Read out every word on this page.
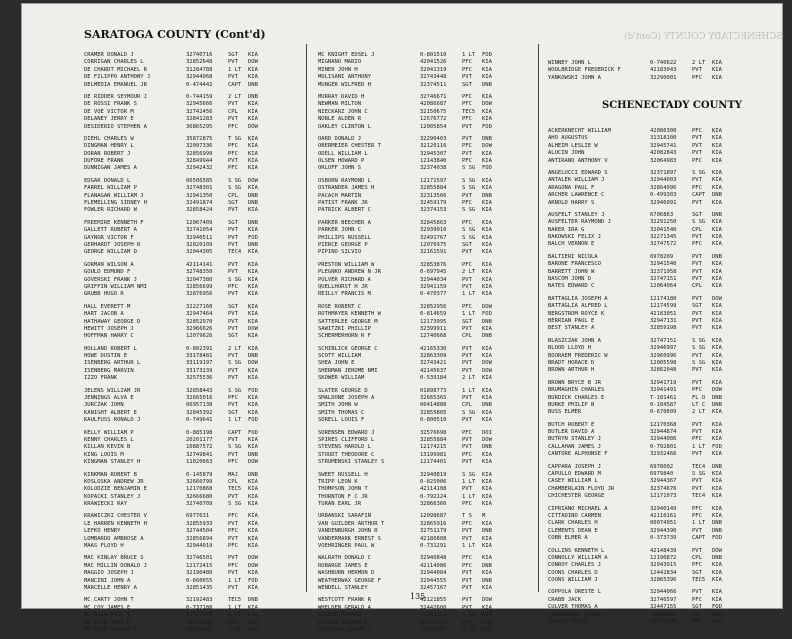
SARATOGA COUNTY (Cont'd)	SCHENECTADY COUNTY (Cont'd)
SCHENECTADY COUNTY
CRAMER DONALD J	32740716	SGT	KIA
CORRIGAN CHARLES L	32852648	PVT	DOW
DE CHARDT MICHAEL R	31284788	1 LT	KIA
DE FILIPPO ANTHONY J	32944068	PVT	KIA
DELMEDIA EMANUEL JR	0-474442	CAPT	DNB
DE RIDDER SEYMOUR J	0-744159	2 LT	DNB
DE ROSSI FRANK S	32945666	PVT	KIA
DE VOE VICTOR M	32742456	CPL	KIA
DELANEY JERRY E	32841283	PVT	KIA
DESIDERIO STEPHEN A	36865295	PFC	DOW
DIEHL CHARLES W	35872875	T SG	KIA
DINGMAN HENRY L	32097336	PFC	KIA
DORAN ROBERT J	32856999	PFC	KIA
DUFORE FRANK	32849944	PVT	KIA
DUNNIGAN JAMES A	32942432	PFC	KIA
EDGAR DONALD L	06506585	S SG	DOW
FARREL WILLIAM P	32748301	S SG	KIA
FLANAGAN WILLIAM J	32941350	CPL	DNB
FLEMELLING SIDNEY H	32491874	SGT	DNB
FOWLER RICHARD W	32858424	PVT	KIA
FREEMIRE KENNETH F	12067409	SGT	DNB
GALLETT ROBERT A	32741054	PVT	KIA
GAYNOR VICTOR F	32940511	PVT	FOD
GERHARDT JOSEPH R	32020109	PVT	DNB
GEORGE WILLIAM D	32044305	TEC4	KIA
GORMAN WILSON A	42114141	PVT	KIA
GOULD EDMUND F	32748350	PVT	KIA
GOVERSKI FRANK J	32047380	S SG	KIA
GRIFFIN WILLIAM NMI	32856699	PFC	KIA
GRUBB HUGO R	32876956	PVT	KIA
HALL EVERETT M	32227160	SGT	KIA
HART JACOB A	32947464	PVT	KIA
HATHAWAY GEORGE D	32852970	PVT	KIA
HEWITT JOSEPH J	32966626	PVT	DOW
HOFFMAN HARRY C	12079626	SGT	KIA
HOLLAND ROBERT L	0-802391	2 LT	KIA
HOWE DUSTIN E	33178481	PVT	DNB
ISENBERG ARTHUR L	33119197	S SG	DOW
ISENBERG MARVIN	33173139	PVT	KIA
IZZO FRANK	32575536	PVT	KIA
JELENS WILLIAM JR	32858443	S SG	FOD
JENNINGS ALVA E	32665016	PFC	KIA
JURCZAK JOHN	06957138	PVT	KIA
KANIGHT ALBERT E	32845392	SGT	KIA
KAULFUSS RONALD J	0-749641	1 LT	FOD
KELLY WILLIAM P	0-885198	CAPT	FOD
KENNY CHARLES L	20201177	PVT	KIA
KILLAN KEVIN B	10887572	S SG	KIA
KING LOUIS M	32749841	PVT	DNB
KINGMAN STANLEY H	11020663	PFC	DOW
KIRKMAN ROBERT B	0-145879	MAJ	DNB
KOSLOSKA ANDREW JR	32660799	CPL	KIA
KOLODZIE BENJAMIN E	12170868	TEC5	KIA
KOPACKI STANLEY J	32666680	PVT	KIA
KRAWIECKI RAY	32740709	S SG	KIA
KRAWICZKI CHESTER V	6977631	PFC	KIA
LE HARREN KENNETH H	32855933	PVT	KIA
LEFKO HENRY	32744504	PFC	KIA
LOMBARDO AMBROSE A	32856894	PVT	KIA
MAAS FLOYD H	32944019	PFC	KIA
MAC KINLAY BRUCE S	32746501	PVT	DOW
MAC MILLIN DONALD J	12172415	PFC	DOW
MAGGIO JOSEPH J	32190480	PVT	KIA
MANCINI JOHN A	0-660655	1 LT	FOD
MARCELLE HENRY A	32851435	PVT	KIA
MC CARTY JOHN T	32192483	TEC5	DNB
MC COY JAMES E	0-737188	1 LT	KIA
MC GHAN PAUL V	31317098	1 LT	KIA
MC GIRR JOHN H	12074628	PFC	KIA
MC KEON THOMAS F	32023901	S SG	KIA
MC KNIGHT EDSEL J	0-801510	1 LT	FOD
MIGNANO MARIO	42041526	PFC	KIA
MINER JOHN H	32041319	PFC	KIA
MOLISANI ANTHONY	32743448	PVT	KIA
MUNGER WILFRED H	32374511	SGT	DNB
MURRAY DAVID H	32746671	PFC	KIA
NEWMAN MILTON	42086687	PFC	DOW
NIECKARZ JOHN C	32150675	TEC5	KIA
NOBLE ALDEN R	12576772	PFC	KIA
OAKLEY CLINTON L	12005854	PVT	FOD
OARD DONALD J	32290403	PVT	DNB
OBERMEIER CHESTER T	32120116	PFC	DOW
ODELL WILLIAM L	32945307	PVT	KIA
OLSEN HOWARD P	12143840	PFC	KIA
ORLOFF JOHN S	32374038	S SG	FOD
OSBORN RAYMOND L	12171597	S SG	KIA
OSTRANDER JAMES H	32855884	S SG	KIA
PACACH MARTIN	32313566	PVT	DNB
PATIST FRANK JR	32459179	PFC	KIA
PATRICK ALBERT C	32374153	S SG	KIA
PARKER BEECHER A	32845863	PFC	KIA
PARKER JOHN C	32939010	S SG	KIA
PHILLIPS RUSSELL	32491767	S SG	KIA
PIERCE GEORGE P	12076975	SGT	KIA
PIPINO SILVIO	32161591	PVT	KIA
PRESTON WILLIAM W	32853876	PFC	KIA
PLEGNKO ANDREW N JR	0-697945	2 LT	KIA
PULVER RICHARD A	32944034	PVT	KIA
QUELLHORST H JR	32941159	PVT	KIA
REILLY FRANCIS M	0-470377	1 LT	KIA
ROSE ROBERT C	32852956	PFC	DOW
ROTHMAYER KENNETH W	0-814659	1 LT	FOD
SATTERLEE GEORGE M	12173995	SGT	DNB
SAWITZKI PHILLIP	32399911	PVT	KIA
SCHERMERHORN R F	12740668	CPL	DNB
SCHIBLICK GEORGE C	42165330	PVT	KIA
SCOTT WILLIAM	32863309	PVT	KIA
SHEA JOHN E	32743421	PVT	DOW
SHERMAN JEROME NMI	42145637	PVT	DOW
SKOWER WILLIAM	0-539184	2 LT	KIA
SLATER GEORGE D	01898773	1 LT	KIA
SMALDONE JOSEPH A	32665365	PVT	KIA
SMITH JOHN W	00414888	CPL	DNB
SMITH THOMAS C	32855805	S SG	KIA
SORELL LOUIS F	0-800510	PVT	KIA
SORENSEN EDWARD J	32576698	PFC	DOI
SPIRES CLIFFORD L	32855884	PVT	DOW
STEVENS HAROLD L	12174215	PVT	DNB
STOUDT THEODORE C	13199981	PFC	KIA
STRUMENSKI STANLEY S	12174401	PVT	KIA
SWEET RUSSELL H	32940819	S SG	KIA
TRIPP LEON K	0-825006	1 LT	KIA
THOMPSON JOHN T	42114108	PVT	KIA
THORNTON F C JR	0-792124	1 LT	KIA
TURAN EARL JR	32866360	PFC	KIA
URBANSKI SARAFIN	12098687	T S	M
VAN GUILDER ARTHUR T	32865916	PFC	KIA
VANDENBURGH JOHN R	32751179	PVT	DNB
VANDERMARK ERNEST S	42186808	PVT	KIA
VOEHRINGER PAUL W	0-731291	1 LT	KIA
WALRATH DONALD C	32940848	PFC	KIA
ROBARGE JAMES E	42114086	PFC	DNB
WASHBURN HERMON D	32944084	PVT	KIA
WEATHERWAX GEORGE F	32044555	PVT	DNB
WENDELL STANLEY	32457167	PVT	KIA
WESTCOTT FRANK R	42121855	PVT	DOW
WHELDEN GERALD A	32442600	PVT	KIA
WILBUR HOWARD	32203313	T SG	KIA
WILDER HOWARD L	32746115	PVT	KIA
WILLIAMS RALPH L	12096357	S SG	KIA
WINNEY JOHN L	0-740622	2 LT	KIA
WOOLBRIDGE FREDERICK F	42183043	PVT	KIA
YANKOWSKI JOHN A	32290001	PFC	KIA
ACKERKNECHT WILLIAM	42086300	PFC	KIA
AHO AUGUSTUS	31318100	PVT	KIA
ALHEIM LESLIE W	32945741	PVT	KIA
ALUCIN JOHN	42082843	PVT	KIA
ANTIRANO ANTHONY V	32064983	PFC	KIA
ANGELUCCI EDWARD S	32371897	S SG	KIA
ANTALEK WILLIAM J	32944003	PVT	KIA
ARAGONA PAUL F	32864996	PFC	KIA
ARCHER LAWRENCE C	0-499303	CAPT	DNB
ARNOLD HARRY S	32946091	PVT	KIA
AUSFELT STANLEY J	6706863	SGT	DNB
AUSFELTER RAYMOND J	32291250	S SG	KIA
BAKER IRA G	32041540	CPL	KIA
BAKOWSKI FELIX J	32271345	PVT	KIA
BALCH VERNON E	32747572	PFC	KIA
BALTIERI NICOLA	6978209	PVT	DNB
BARONE FRANCESCO	32941540	PVT	KIA
BARRETT JOHN W	32371958	PVT	KIA
BASCOM JOHN D	32747151	PVT	KIA
BATES EDWARD C	12064064	CPL	KIA
BATTAGLIA JOSEPH A	12174180	PVT	DOW
BATTAGLIA ALFRED L	12174599	SGT	KIA
BERGSTROM ROYCE K	42183051	PVT	KIA
BERRIAN PAUL E	32947131	PVT	KIA
BEST STANLEY A	32859198	PVT	KIA
BLASZCZAK JOHN A	32747151	S SG	KIA
BLOOD LLOYD H	32946997	S SG	KIA
BOORAEM FREDERIC W	32960996	PVT	KIA
BRADT HORACE D	12005598	S SG	KIA
BROWN ARTHUR H	32862048	PVT	KIA
BROWN BRYCE B JR	32941719	PVT	KIA
BRUMAGHIN CHARLES	32941491	PFC	DOW
BURDICK CHARLES E	T-181461	FL O	DNB
BURKE PHILIP N	0-184587	LT C	DNB
BUSS ELMER	0-670609	2 LT	KIA
BUTCH ROBERT E	12170368	PVT	KIA
BUTLER DAVID A	32944874	PVT	KIA
BUTRYN STANLEY J	32944086	PFC	KIA
CALLAHAN JAMES J	0-792801	1 LT	FOD
CANTORE ALPHONSE F	32932466	PVT	KIA
CAPPARA JOSEPH J	6978002	TEC4	DNB
CAPULLO EDWARD M	6979840	S SG	KIA
CASEY WILLIAM L	32944367	PVT	KIA
CHAMBERLAIN FLOYD JR	32374676	PVT	KIA
CHICHESTER GEORGE	12171073	TEC4	KIA
CIPRIANO MICHAEL A	32940149	PFC	KIA
CITTADINO CARMEN	42110161	PFC	KIA
CLARK CHARLES H	00074951	1 LT	DNB
CLEMENTS DEAN E	32944390	PVT	DNB
COBB ELMER A	0-373739	CAPT	FOD
COLLINS KENNETH L	42148439	PVT	DOW
CONNOLLY WILLIAM A	12190872	CPL	DNB
CONROY CHARLES J	32943915	PFC	KIA
COONS CHARLES D	12442834	SGT	KIA
COONS WILLIAM J	32865396	TEC5	KIA
COPPOLA ORESTE L	32944066	PVT	KIA
CRABB JACK	32746597	PFC	KIA
CULVER THOMAS A	32447155	SGT	FOD
CZERWINSKI STEVE S	32940538	PVT	KIA
DAMICO FLOYD	32742838	PFC	KIA
135
